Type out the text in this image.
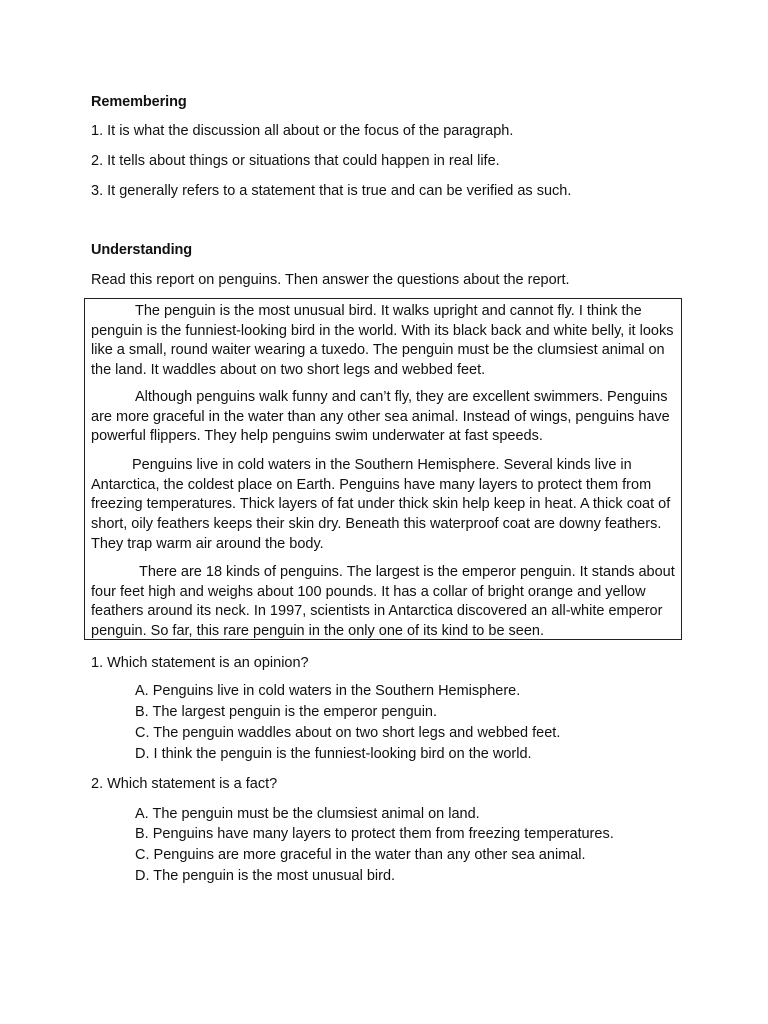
Remembering
1. It is what the discussion all about or the focus of the paragraph.
2. It tells about things or situations that could happen in real life.
3. It generally refers to a statement that is true and can be verified as such.
Understanding
Read this report on penguins. Then answer the questions about the report.

The penguin is the most unusual bird. It walks upright and cannot fly. I think the penguin is the funniest-looking bird in the world. With its black back and white belly, it looks like a small, round waiter wearing a tuxedo. The penguin must be the clumsiest animal on the land. It waddles about on two short legs and webbed feet.

Although penguins walk funny and can’t fly, they are excellent swimmers. Penguins are more graceful in the water than any other sea animal. Instead of wings, penguins have powerful flippers. They help penguins swim underwater at fast speeds.

Penguins live in cold waters in the Southern Hemisphere. Several kinds live in Antarctica, the coldest place on Earth. Penguins have many layers to protect them from freezing temperatures. Thick layers of fat under thick skin help keep in heat. A thick coat of short, oily feathers keeps their skin dry. Beneath this waterproof coat are downy feathers. They trap warm air around the body.

There are 18 kinds of penguins. The largest is the emperor penguin. It stands about four feet high and weighs about 100 pounds. It has a collar of bright orange and yellow feathers around its neck. In 1997, scientists in Antarctica discovered an all-white emperor penguin. So far, this rare penguin in the only one of its kind to be seen.

1. Which statement is an opinion?
A. Penguins live in cold waters in the Southern Hemisphere.
B. The largest penguin is the emperor penguin.
C. The penguin waddles about on two short legs and webbed feet.
D. I think the penguin is the funniest-looking bird on the world.
2. Which statement is a fact?
A. The penguin must be the clumsiest animal on land.
B. Penguins have many layers to protect them from freezing temperatures.
C. Penguins are more graceful in the water than any other sea animal.
D. The penguin is the most unusual bird.
